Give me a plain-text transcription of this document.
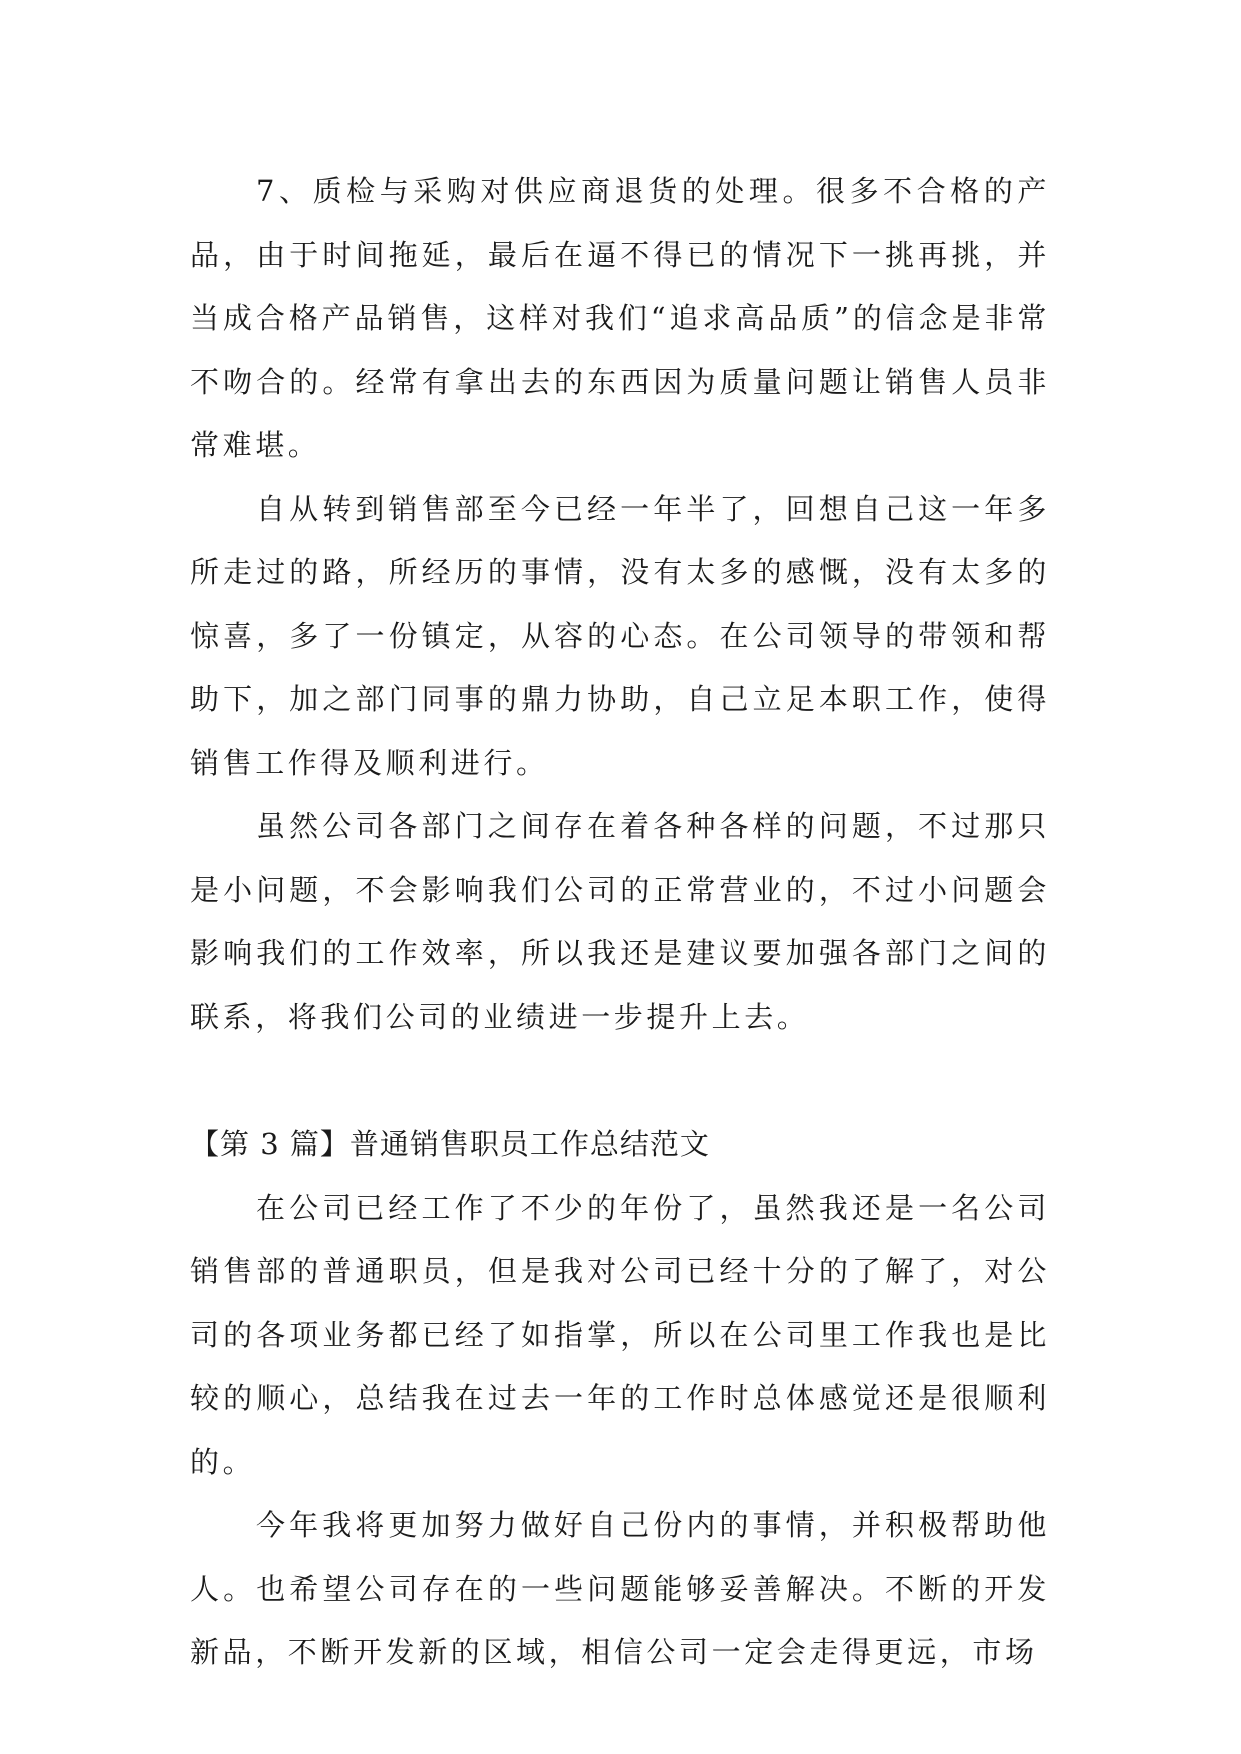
7、质检与采购对供应商退货的处理。很多不合格的产品，由于时间拖延，最后在逼不得已的情况下一挑再挑，并当成合格产品销售，这样对我们“追求高品质”的信念是非常不吻合的。经常有拿出去的东西因为质量问题让销售人员非常难堪。

自从转到销售部至今已经一年半了，回想自己这一年多所走过的路，所经历的事情，没有太多的感慨，没有太多的惊喜，多了一份镇定，从容的心态。在公司领导的带领和帮助下，加之部门同事的鼎力协助，自己立足本职工作，使得销售工作得及顺利进行。

虽然公司各部门之间存在着各种各样的问题，不过那只是小问题，不会影响我们公司的正常营业的，不过小问题会影响我们的工作效率，所以我还是建议要加强各部门之间的联系，将我们公司的业绩进一步提升上去。

【第 3 篇】普通销售职员工作总结范文

在公司已经工作了不少的年份了，虽然我还是一名公司销售部的普通职员，但是我对公司已经十分的了解了，对公司的各项业务都已经了如指掌，所以在公司里工作我也是比较的顺心，总结我在过去一年的工作时总体感觉还是很顺利的。

今年我将更加努力做好自己份内的事情，并积极帮助他人。也希望公司存在的一些问题能够妥善解决。不断的开发新品，不断开发新的区域，相信公司一定会走得更远，市场
